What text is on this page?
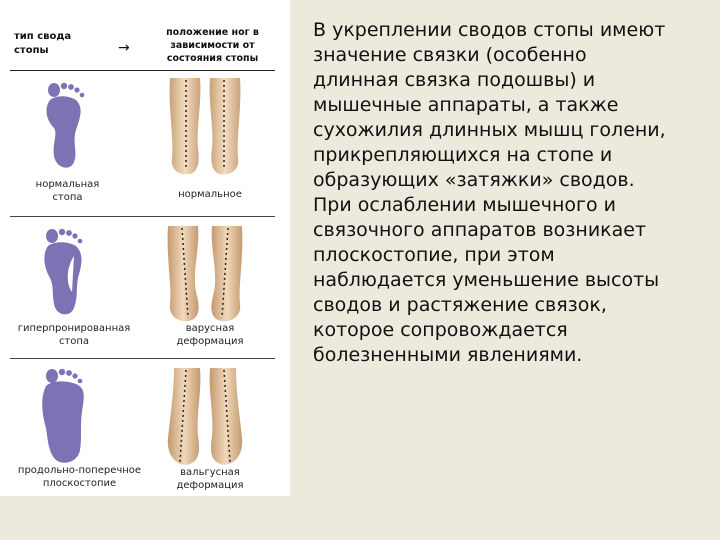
тип свода стопы	→
положение ног в зависимости от состояния стопы
нормальная стопа	нормальное
гиперпронированная стопа
варусная деформация
продольно-поперечное плоскостопие
вальгусная деформация
В укреплении сводов стопы имеют
значение связки (особенно
длинная связка подошвы) и
мышечные аппараты, а также
сухожилия длинных мышц голени,
прикрепляющихся на стопе и
образующих «затяжки» сводов.
При ослаблении мышечного и
связочного аппаратов возникает
плоскостопие, при этом
наблюдается уменьшение высоты
сводов и растяжение связок,
которое сопровождается
болезненными явлениями.
